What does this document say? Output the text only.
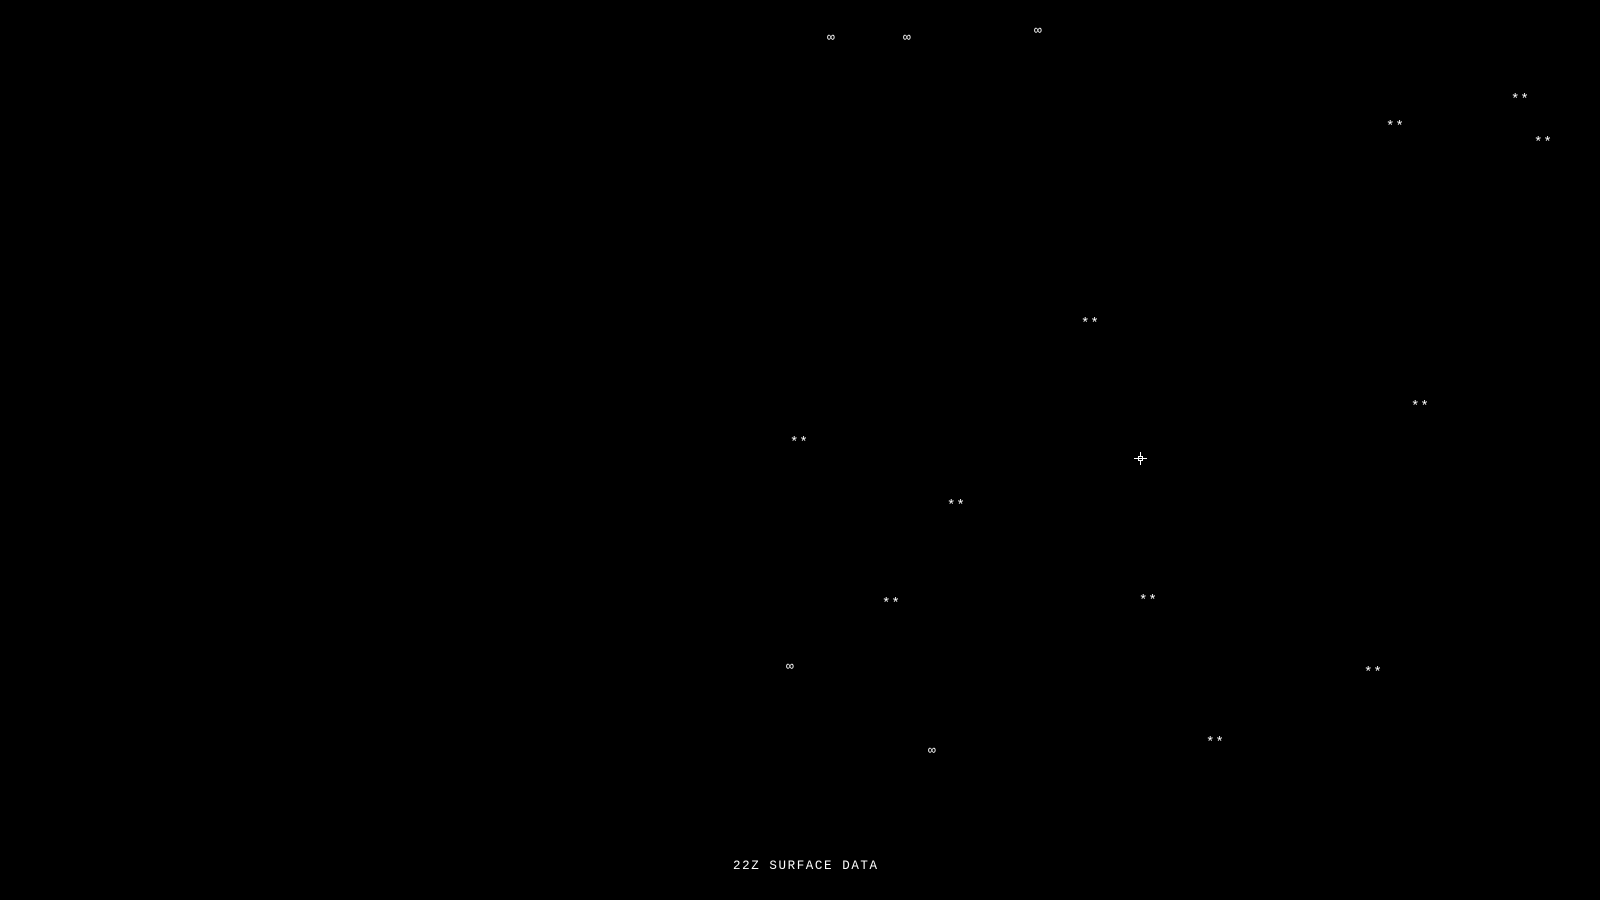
∞	∞	∞
**
**
**
**
**
**
**
**
**
∞	**
**
∞
22Z SURFACE DATA
